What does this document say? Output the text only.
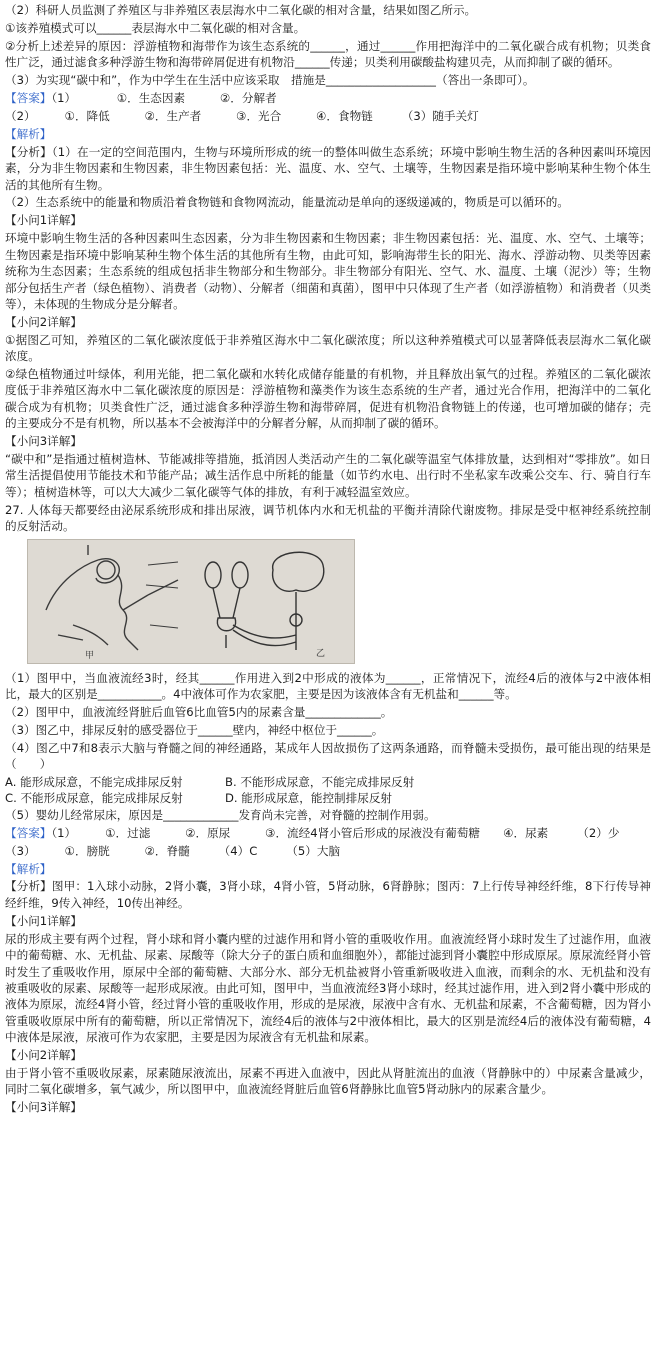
（2）科研人员监测了养殖区与非养殖区表层海水中二氧化碳的相对含量，结果如图乙所示。

①该养殖模式可以______表层海水中二氧化碳的相对含量。

②分析上述差异的原因：浮游植物和海带作为该生态系统的______，通过______作用把海洋中的二氧化碳合成有机物；贝类食性广泛，通过滤食多种浮游生物和海带碎屑促进有机物沿______传递；贝类利用碳酸盐构建贝壳，从而抑制了碳的循环。

（3）为实现“碳中和”，作为中学生在生活中应该采取　措施是___________________（答出一条即可）。

【答案】（1）　　　　①．生态因素　　　②．分解者

（2）　　　①．降低　　　②．生产者　　　③．光合　　　④．食物链　　　（3）随手关灯

【解析】

【分析】（1）在一定的空间范围内，生物与环境所形成的统一的整体叫做生态系统；环境中影响生物生活的各种因素叫环境因素，分为非生物因素和生物因素，非生物因素包括：光、温度、水、空气、土壤等，生物因素是指环境中影响某种生物个体生活的其他所有生物。

（2）生态系统中的能量和物质沿着食物链和食物网流动，能量流动是单向的逐级递减的，物质是可以循环的。

【小问1详解】

环境中影响生物生活的各种因素叫生态因素，分为非生物因素和生物因素；非生物因素包括：光、温度、水、空气、土壤等；生物因素是指环境中影响某种生物个体生活的其他所有生物，由此可知，影响海带生长的阳光、海水、浮游动物、贝类等因素统称为生态因素；生态系统的组成包括非生物部分和生物部分。非生物部分有阳光、空气、水、温度、土壤（泥沙）等；生物部分包括生产者（绿色植物）、消费者（动物）、分解者（细菌和真菌），图甲中只体现了生产者（如浮游植物）和消费者（贝类等），未体现的生物成分是分解者。

【小问2详解】

①据图乙可知，养殖区的二氧化碳浓度低于非养殖区海水中二氧化碳浓度；所以这种养殖模式可以显著降低表层海水二氧化碳浓度。

②绿色植物通过叶绿体，利用光能，把二氧化碳和水转化成储存能量的有机物，并且释放出氧气的过程。养殖区的二氧化碳浓度低于非养殖区海水中二氧化碳浓度的原因是：浮游植物和藻类作为该生态系统的生产者，通过光合作用，把海洋中的二氧化碳合成为有机物；贝类食性广泛，通过滤食多种浮游生物和海带碎屑，促进有机物沿食物链上的传递，也可增加碳的储存；壳的主要成分不是有机物，所以基本不会被海洋中的分解者分解，从而抑制了碳的循环。

【小问3详解】

“碳中和”是指通过植树造林、节能减排等措施，抵消因人类活动产生的二氧化碳等温室气体排放量，达到相对“零排放”。如日常生活提倡使用节能技术和节能产品；减生活作息中所耗的能量（如节约水电、出行时不坐私家车改乘公交车、行、骑自行车等）；植树造林等，可以大大减少二氧化碳等气体的排放，有利于减轻温室效应。

27. 人体每天都要经由泌尿系统形成和排出尿液，调节机体内水和无机盐的平衡并清除代谢废物。排尿是受中枢神经系统控制的反射活动。

甲	乙

（1）图甲中，当血液流经3时，经其______作用进入到2中形成的液体为______，正常情况下，流经4后的液体与2中液体相比，最大的区别是___________。4中液体可作为农家肥，主要是因为该液体含有无机盐和______等。

（2）图甲中，血液流经肾脏后血管6比血管5内的尿素含量_____________。

（3）图乙中，排尿反射的感受器位于______壁内，神经中枢位于______。

（4）图乙中7和8表示大脑与脊髓之间的神经通路，某成年人因故损伤了这两条通路，而脊髓未受损伤，最可能出现的结果是（　　）

A. 能形成尿意，不能完成排尿反射	B. 不能形成尿意，不能完成排尿反射
C. 不能形成尿意，能完成排尿反射	D. 能形成尿意，能控制排尿反射

（5）婴幼儿经常尿床，原因是_____________发育尚未完善，对脊髓的控制作用弱。

【答案】（1）　　　①．过滤　　　②．原尿　　　③．流经4肾小管后形成的尿液没有葡萄糖　　④．尿素　　　（2）少

（3）　　　①．膀胱　　　②．脊髓　　　（4）C　　　（5）大脑

【解析】

【分析】图甲：1入球小动脉，2肾小囊，3肾小球，4肾小管，5肾动脉，6肾静脉；图丙：7上行传导神经纤维，8下行传导神经纤维，9传入神经，10传出神经。

【小问1详解】

尿的形成主要有两个过程，肾小球和肾小囊内壁的过滤作用和肾小管的重吸收作用。血液流经肾小球时发生了过滤作用，血液中的葡萄糖、水、无机盐、尿素、尿酸等（除大分子的蛋白质和血细胞外），都能过滤到肾小囊腔中形成原尿。原尿流经肾小管时发生了重吸收作用，原尿中全部的葡萄糖、大部分水、部分无机盐被肾小管重新吸收进入血液，而剩余的水、无机盐和没有被重吸收的尿素、尿酸等一起形成尿液。由此可知，图甲中，当血液流经3肾小球时，经其过滤作用，进入到2肾小囊中形成的液体为原尿，流经4肾小管，经过肾小管的重吸收作用，形成的是尿液，尿液中含有水、无机盐和尿素，不含葡萄糖，因为肾小管重吸收原尿中所有的葡萄糖，所以正常情况下，流经4后的液体与2中液体相比，最大的区别是流经4后的液体没有葡萄糖，4中液体是尿液，尿液可作为农家肥，主要是因为尿液含有无机盐和尿素。

【小问2详解】

由于肾小管不重吸收尿素，尿素随尿液流出，尿素不再进入血液中，因此从肾脏流出的血液（肾静脉中的）中尿素含量减少，同时二氧化碳增多，氧气减少，所以图甲中，血液流经肾脏后血管6肾静脉比血管5肾动脉内的尿素含量少。

【小问3详解】
